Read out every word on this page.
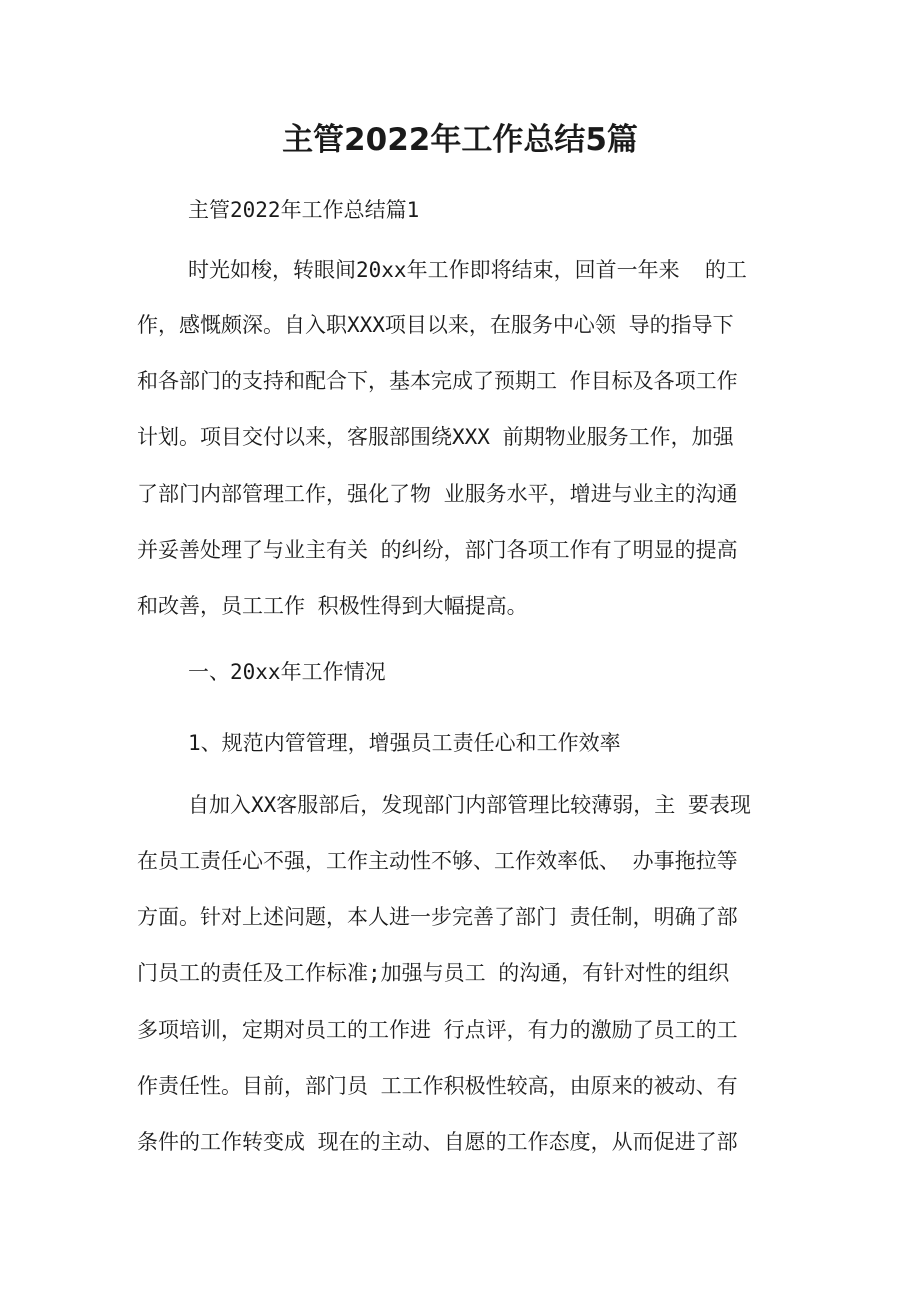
主管2022年工作总结5篇

主管2022年工作总结篇1

时光如梭，转眼间20xx年工作即将结束，回首一年来  的工

作，感慨颇深。自入职XXX项目以来，在服务中心领 导的指导下

和各部门的支持和配合下，基本完成了预期工 作目标及各项工作

计划。项目交付以来，客服部围绕XXX 前期物业服务工作，加强

了部门内部管理工作，强化了物 业服务水平，增进与业主的沟通

并妥善处理了与业主有关 的纠纷，部门各项工作有了明显的提高

和改善，员工工作 积极性得到大幅提高。

一、20xx年工作情况

1、规范内管管理，增强员工责任心和工作效率

自加入XX客服部后，发现部门内部管理比较薄弱，主 要表现

在员工责任心不强，工作主动性不够、工作效率低、 办事拖拉等

方面。针对上述问题，本人进一步完善了部门 责任制，明确了部

门员工的责任及工作标准;加强与员工 的沟通，有针对性的组织

多项培训，定期对员工的工作进 行点评，有力的激励了员工的工

作责任性。目前，部门员 工工作积极性较高，由原来的被动、有

条件的工作转变成 现在的主动、自愿的工作态度，从而促进了部
